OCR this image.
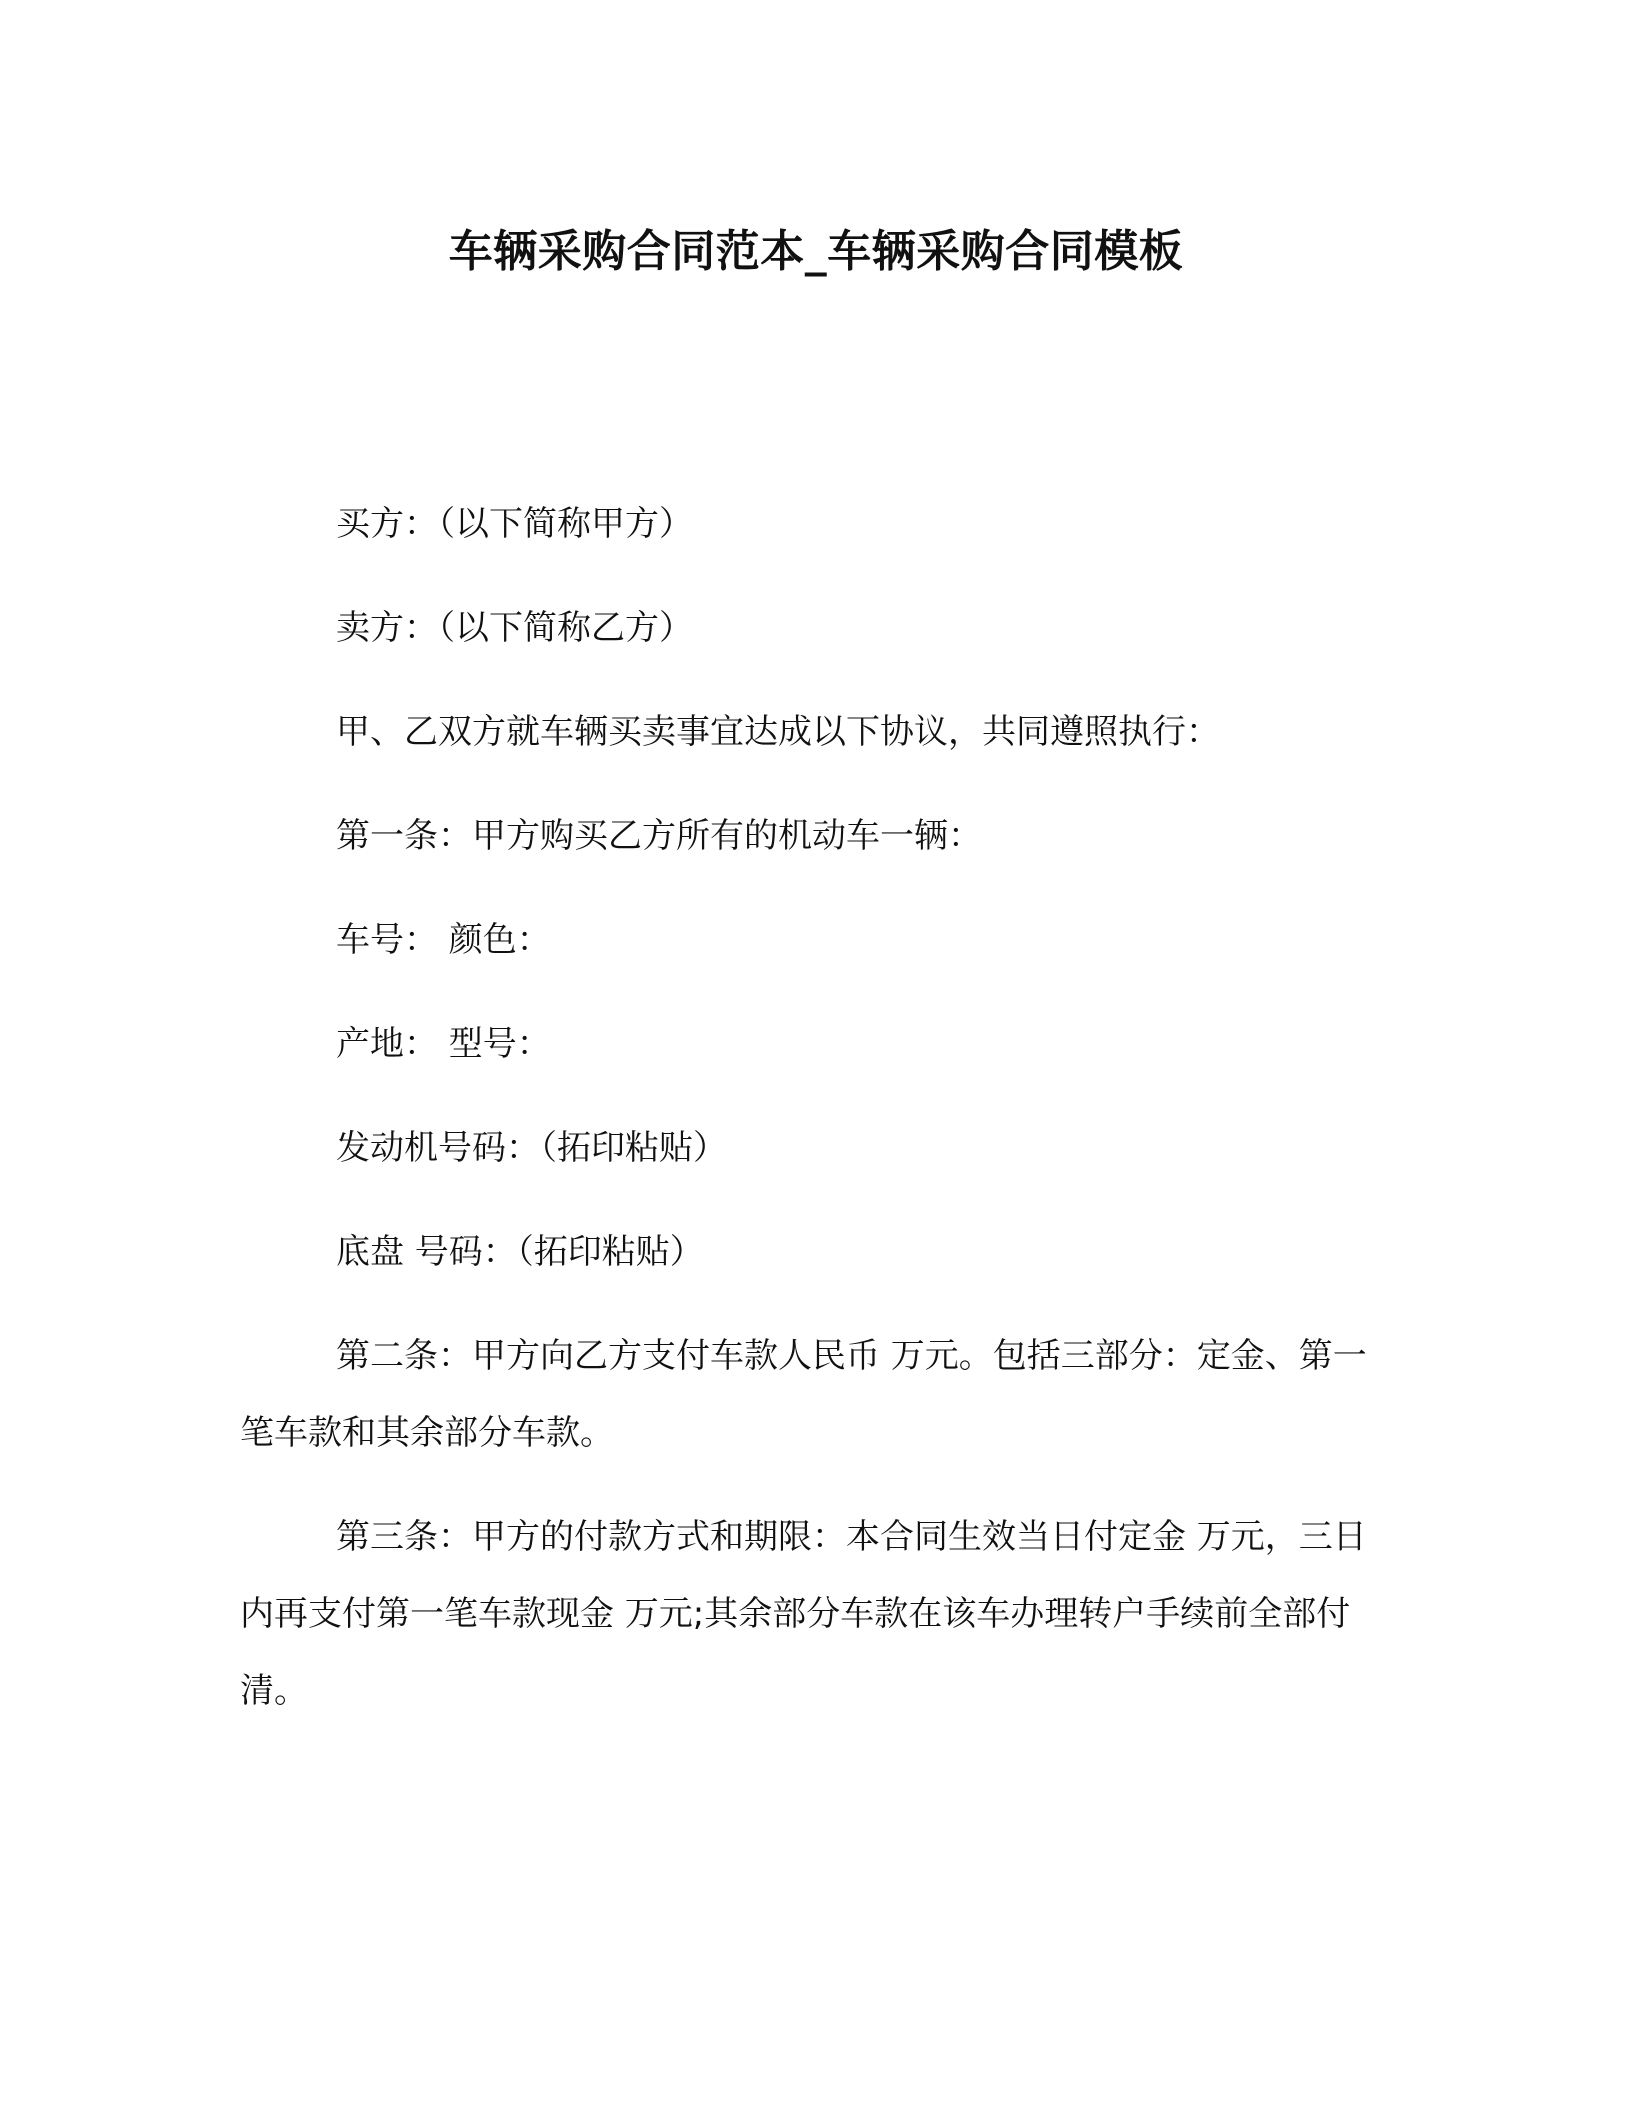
车辆采购合同范本_车辆采购合同模板

买方：（以下简称甲方）

卖方：（以下简称乙方）

甲、乙双方就车辆买卖事宜达成以下协议，共同遵照执行：

第一条：甲方购买乙方所有的机动车一辆：

车号： 颜色：

产地： 型号：

发动机号码：（拓印粘贴）

底盘 号码：（拓印粘贴）

第二条：甲方向乙方支付车款人民币 万元。包括三部分：定金、第一笔车款和其余部分车款。

第三条：甲方的付款方式和期限：本合同生效当日付定金 万元，三日内再支付第一笔车款现金 万元;其余部分车款在该车办理转户手续前全部付清。
